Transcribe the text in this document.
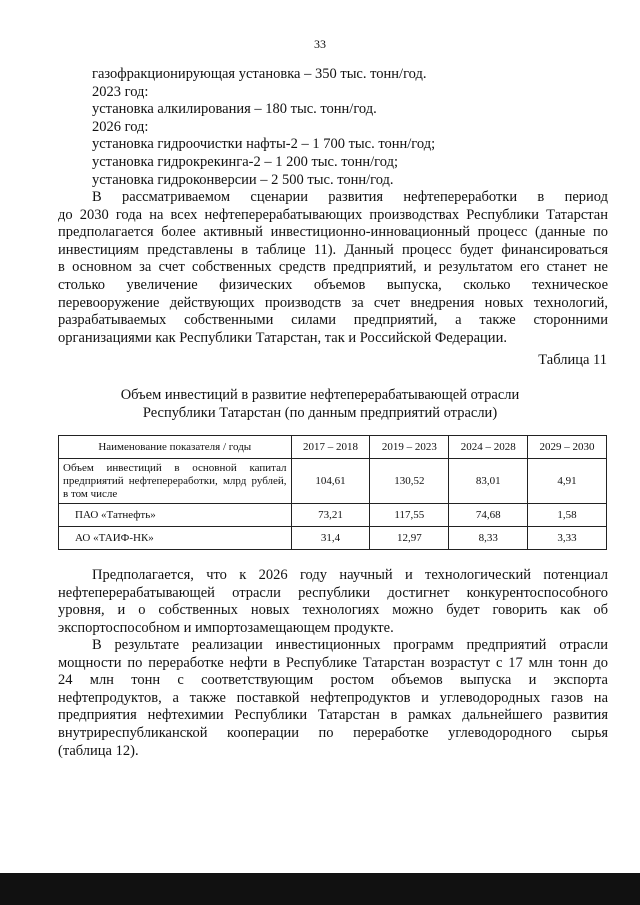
33
газофракционирующая установка – 350 тыс. тонн/год.
2023 год:
установка алкилирования – 180 тыс. тонн/год.
2026 год:
установка гидроочистки нафты-2 – 1 700 тыс. тонн/год;
установка гидрокрекинга-2 – 1 200 тыс. тонн/год;
установка гидроконверсии – 2 500 тыс. тонн/год.
В рассматриваемом сценарии развития нефтепереработки в период
до 2030 года на всех нефтеперерабатывающих производствах Республики Татарстан
предполагается более активный инвестиционно-инновационный процесс (данные по
инвестициям представлены в таблице 11). Данный процесс будет финансироваться
в основном за счет собственных средств предприятий, и результатом его станет не
столько увеличение физических объемов выпуска, сколько техническое
перевооружение действующих производств за счет внедрения новых технологий,
разрабатываемых собственными силами предприятий, а также сторонними
организациями как Республики Татарстан, так и Российской Федерации.
Таблица 11
Объем инвестиций в развитие нефтеперерабатывающей отрасли
Республики Татарстан (по данным предприятий отрасли)
Наименование показателя / годы	2017 – 2018	2019 – 2023	2024 – 2028	2029 – 2030
Объем инвестиций в основной капитал предприятий нефтепереработки, млрд рублей, в том числе	104,61	130,52	83,01	4,91
ПАО «Татнефть»	73,21	117,55	74,68	1,58
АО «ТАИФ-НК»	31,4	12,97	8,33	3,33
Предполагается, что к 2026 году научный и технологический потенциал
нефтеперерабатывающей отрасли республики достигнет конкурентоспособного
уровня, и о собственных новых технологиях можно будет говорить как об
экспортоспособном и импортозамещающем продукте.
В результате реализации инвестиционных программ предприятий отрасли
мощности по переработке нефти в Республике Татарстан возрастут с 17 млн тонн до
24 млн тонн с соответствующим ростом объемов выпуска и экспорта
нефтепродуктов, а также поставкой нефтепродуктов и углеводородных газов на
предприятия нефтехимии Республики Татарстан в рамках дальнейшего развития
внутриреспубликанской кооперации по переработке углеводородного сырья
(таблица 12).
